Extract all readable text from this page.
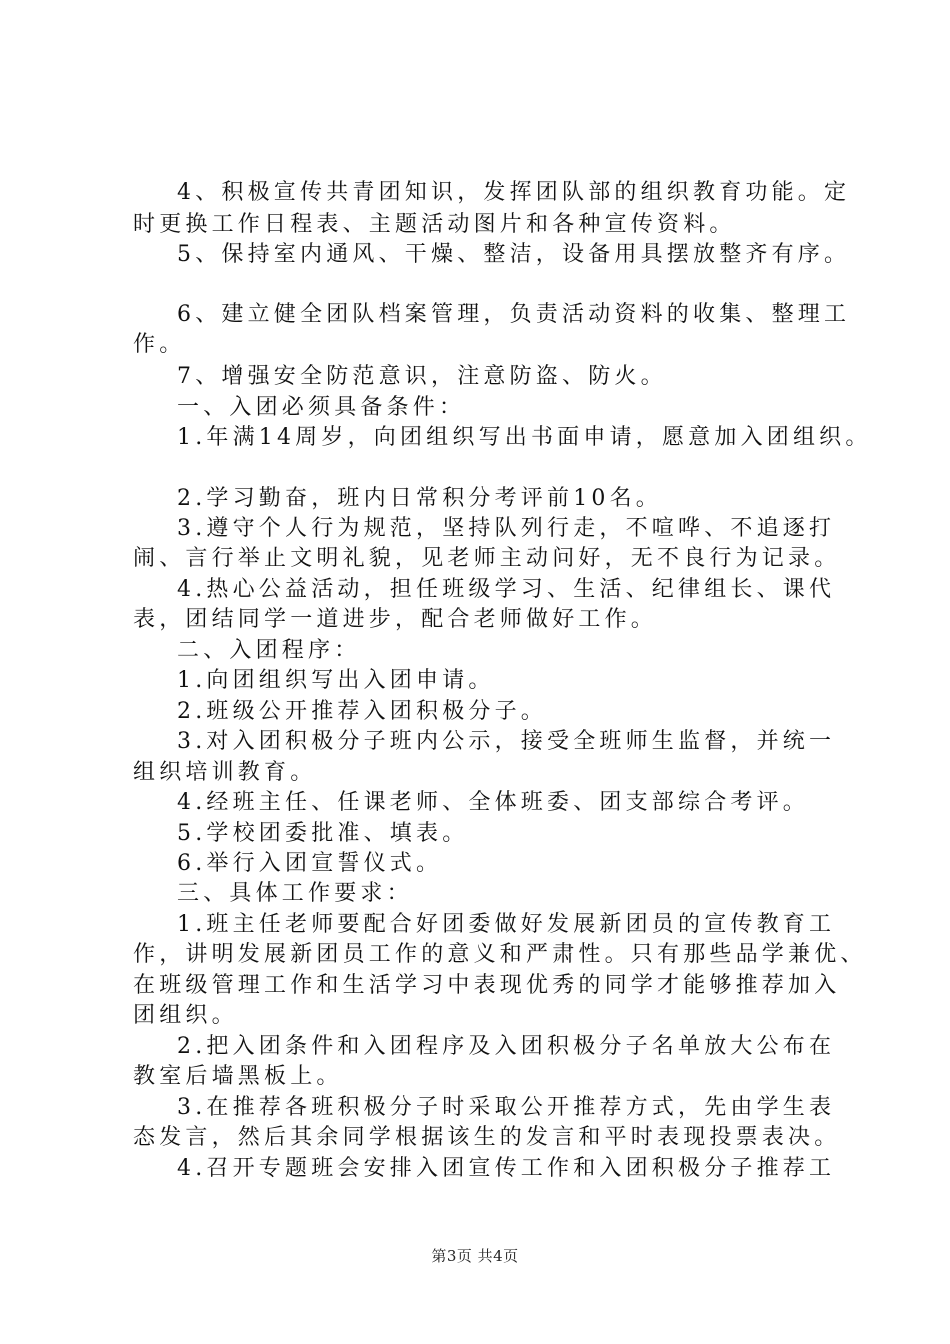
4、积极宣传共青团知识，发挥团队部的组织教育功能。定
时更换工作日程表、主题活动图片和各种宣传资料。
5、保持室内通风、干燥、整洁，设备用具摆放整齐有序。
6、建立健全团队档案管理，负责活动资料的收集、整理工
作。
7、增强安全防范意识，注意防盗、防火。
一、入团必须具备条件：
1.年满14周岁，向团组织写出书面申请，愿意加入团组织。
2.学习勤奋，班内日常积分考评前10名。
3.遵守个人行为规范，坚持队列行走，不喧哗、不追逐打
闹、言行举止文明礼貌，见老师主动问好，无不良行为记录。
4.热心公益活动，担任班级学习、生活、纪律组长、课代
表，团结同学一道进步，配合老师做好工作。
二、入团程序：
1.向团组织写出入团申请。
2.班级公开推荐入团积极分子。
3.对入团积极分子班内公示，接受全班师生监督，并统一
组织培训教育。
4.经班主任、任课老师、全体班委、团支部综合考评。
5.学校团委批准、填表。
6.举行入团宣誓仪式。
三、具体工作要求：
1.班主任老师要配合好团委做好发展新团员的宣传教育工
作，讲明发展新团员工作的意义和严肃性。只有那些品学兼优、
在班级管理工作和生活学习中表现优秀的同学才能够推荐加入
团组织。
2.把入团条件和入团程序及入团积极分子名单放大公布在
教室后墙黑板上。
3.在推荐各班积极分子时采取公开推荐方式，先由学生表
态发言，然后其余同学根据该生的发言和平时表现投票表决。
4.召开专题班会安排入团宣传工作和入团积极分子推荐工
第3页 共4页
